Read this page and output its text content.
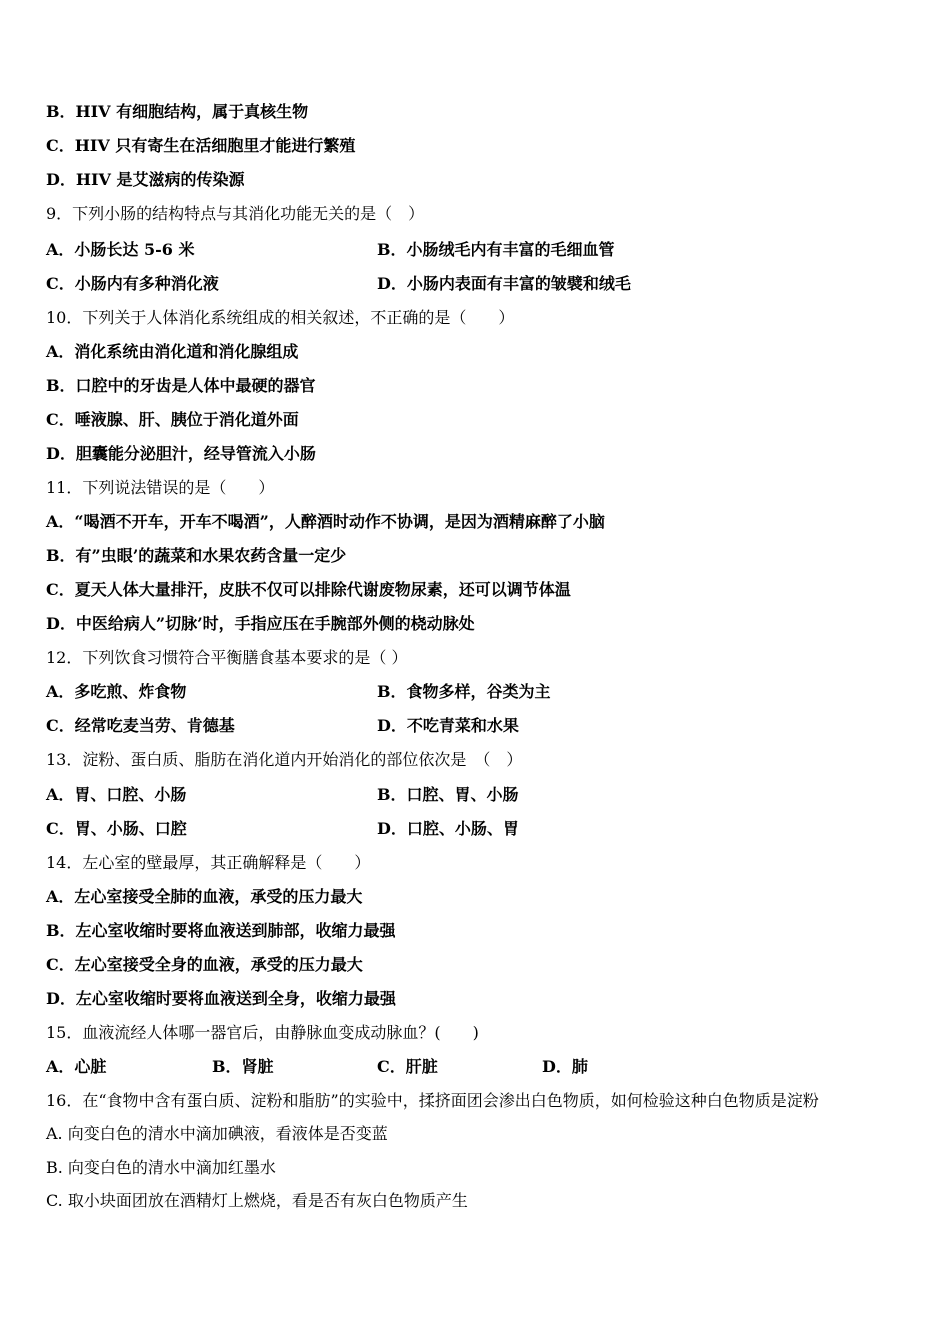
B．HIV 有细胞结构，属于真核生物
C．HIV 只有寄生在活细胞里才能进行繁殖
D．HIV 是艾滋病的传染源
9．下列小肠的结构特点与其消化功能无关的是（　）
A．小肠长达 5-6 米	B．小肠绒毛内有丰富的毛细血管
C．小肠内有多种消化液	D．小肠内表面有丰富的皱襞和绒毛
10．下列关于人体消化系统组成的相关叙述，不正确的是（　　）
A．消化系统由消化道和消化腺组成
B．口腔中的牙齿是人体中最硬的器官
C．唾液腺、肝、胰位于消化道外面
D．胆囊能分泌胆汁，经导管流入小肠
11．下列说法错误的是（　　）
A．“喝酒不开车，开车不喝酒”，人醉酒时动作不协调，是因为酒精麻醉了小脑
B．有”虫眼’的蔬菜和水果农药含量一定少
C．夏天人体大量排汗，皮肤不仅可以排除代谢废物尿素，还可以调节体温
D．中医给病人”切脉’时，手指应压在手腕部外侧的桡动脉处
12．下列饮食习惯符合平衡膳食基本要求的是（ ）
A．多吃煎、炸食物	B．食物多样，谷类为主
C．经常吃麦当劳、肯德基	D．不吃青菜和水果
13．淀粉、蛋白质、脂肪在消化道内开始消化的部位依次是　（　）
A．胃、口腔、小肠	B．口腔、胃、小肠
C．胃、小肠、口腔	D．口腔、小肠、胃
14．左心室的壁最厚，其正确解释是（　　）
A．左心室接受全肺的血液，承受的压力最大
B．左心室收缩时要将血液送到肺部，收缩力最强
C．左心室接受全身的血液，承受的压力最大
D．左心室收缩时要将血液送到全身，收缩力最强
15．血液流经人体哪一器官后，由静脉血变成动脉血？(　　)
A．心脏	B．肾脏	C．肝脏	D．肺
16．在“食物中含有蛋白质、淀粉和脂肪”的实验中，揉挤面团会渗出白色物质，如何检验这种白色物质是淀粉
A. 向变白色的清水中滴加碘液，看液体是否变蓝
B. 向变白色的清水中滴加红墨水
C. 取小块面团放在酒精灯上燃烧，看是否有灰白色物质产生
